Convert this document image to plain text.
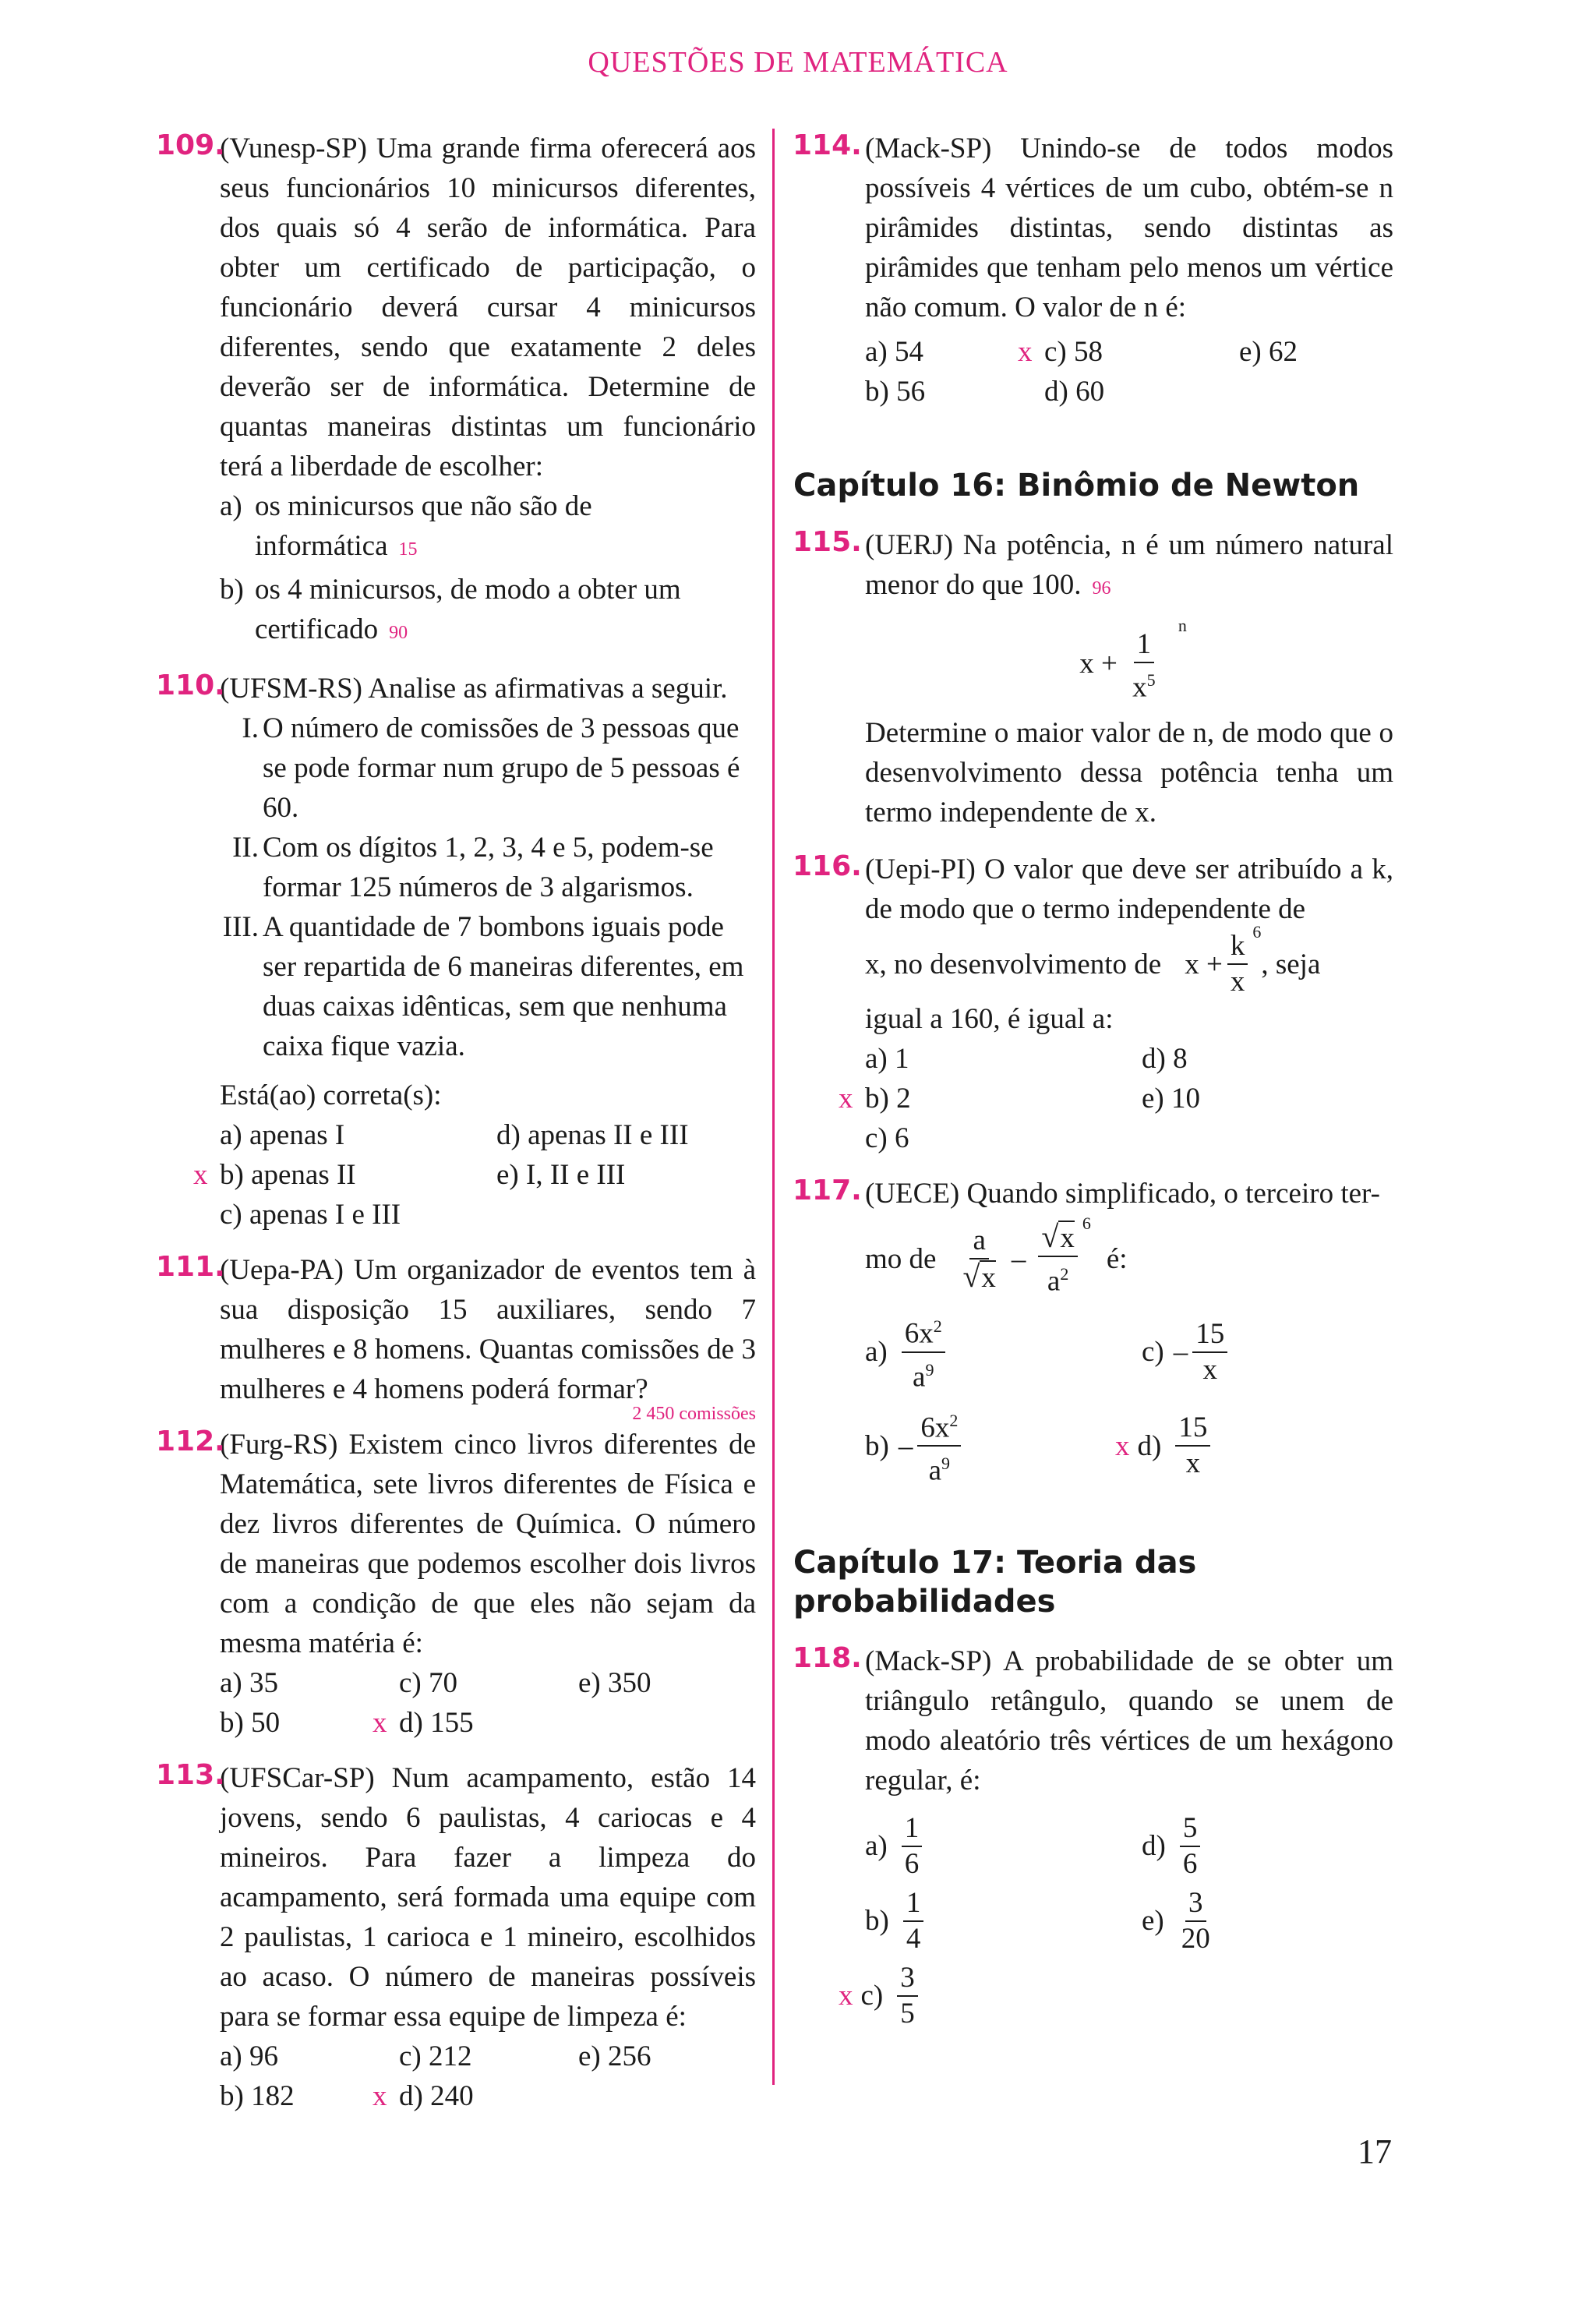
QUESTÕES DE MATEMÁTICA
109.
(Vunesp-SP) Uma grande firma oferecerá aos seus funcionários 10 minicursos diferentes, dos quais só 4 serão de informática. Para obter um certificado de participação, o funcionário deverá cursar 4 minicursos diferentes, sendo que exatamente 2 deles deverão ser de informática. Determine de quantas maneiras distintas um funcionário terá a liberdade de escolher:
a) os minicursos que não são de informática 15
b) os 4 minicursos, de modo a obter um certificado 90
110.
(UFSM-RS) Analise as afirmativas a seguir.
I. O número de comissões de 3 pessoas que se pode formar num grupo de 5 pessoas é 60.
II. Com os dígitos 1, 2, 3, 4 e 5, podem-se formar 125 números de 3 algarismos.
III. A quantidade de 7 bombons iguais pode ser repartida de 6 maneiras diferentes, em duas caixas idênticas, sem que nenhuma caixa fique vazia.
Está(ao) correta(s):
a) apenas I	d) apenas II e III
x b) apenas II	e) I, II e III
c) apenas I e III
111.
(Uepa-PA) Um organizador de eventos tem à sua disposição 15 auxiliares, sendo 7 mulheres e 8 homens. Quantas comissões de 3 mulheres e 4 homens poderá formar?
2 450 comissões
112.
(Furg-RS) Existem cinco livros diferentes de Matemática, sete livros diferentes de Física e dez livros diferentes de Química. O número de maneiras que podemos escolher dois livros com a condição de que eles não sejam da mesma matéria é:
a) 35	c) 70	e) 350
b) 50	x d) 155
113.
(UFSCar-SP) Num acampamento, estão 14 jovens, sendo 6 paulistas, 4 cariocas e 4 mineiros. Para fazer a limpeza do acampamento, será formada uma equipe com 2 paulistas, 1 carioca e 1 mineiro, escolhidos ao acaso. O número de maneiras possíveis para se formar essa equipe de limpeza é:
a) 96	c) 212	e) 256
b) 182	x d) 240
114. (Mack-SP) Unindo-se de todos modos possíveis 4 vértices de um cubo, obtém-se n pirâmides distintas, sendo distintas as pirâmides que tenham pelo menos um vértice não comum. O valor de n é:
a) 54	x c) 58	e) 62
b) 56	d) 60
Capítulo 16: Binômio de Newton
115. (UERJ) Na potência, n é um número natural menor do que 100. 96
$x + \frac{1}{x^5}$
$^n$
Determine o maior valor de n, de modo que o desenvolvimento dessa potência tenha um termo independente de x.
116. (Uepi-PI) O valor que deve ser atribuído a k, de modo que o termo independente de
x, no desenvolvimento de $x + \frac{k}{x} 6$
, seja
igual a 160, é igual a:
a) 1	d) 8
x b) 2	e) 10
c) 6
117. (UECE) Quando simplificado, o terceiro ter-
mo de $\frac{a}{√x} - \frac{√x}{a^2} 6$
é:
$a) \frac{6x^2}{a^9}$	$c) - \frac{15}{x}$
$b) - \frac{6x^2}{a^9}$	x $d) \frac{15}{x}$
Capítulo 17: Teoria das probabilidades
118. (Mack-SP) A probabilidade de se obter um triângulo retângulo, quando se unem de modo aleatório três vértices de um hexágono regular, é:
$a) \frac{1}{6}$	$d) \frac{5}{6}$
$b) \frac{1}{4}$	$e) \frac{3}{20}$
x $c) \frac{3}{5}$
17
